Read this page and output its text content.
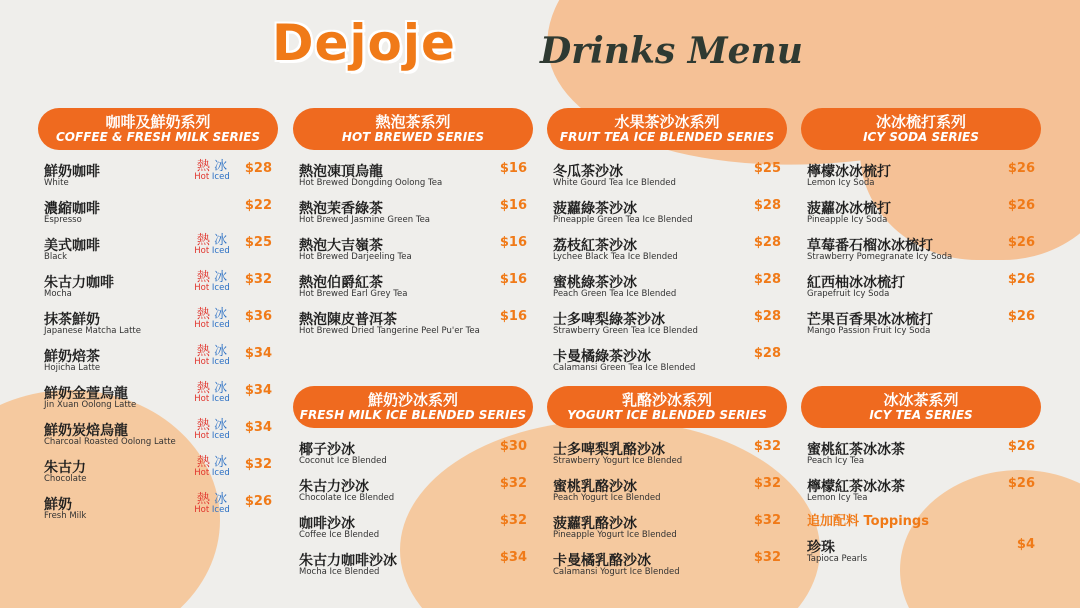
Dejoje Drinks Menu
咖啡及鮮奶系列
COFFEE & FRESH MILK SERIES
鮮奶咖啡
White
熱 冰
Hot Iced
$28
濃縮咖啡
Espresso
$22
美式咖啡
Black
熱 冰
Hot Iced
$25
朱古力咖啡
Mocha
熱 冰
Hot Iced
$32
抹茶鮮奶
Japanese Matcha Latte
熱 冰
Hot Iced
$36
鮮奶焙茶
Hojicha Latte
熱 冰
Hot Iced
$34
鮮奶金萱烏龍
Jin Xuan Oolong Latte
熱 冰
Hot Iced
$34
鮮奶炭焙烏龍
Charcoal Roasted Oolong Latte
熱 冰
Hot Iced
$34
朱古力
Chocolate
熱 冰
Hot Iced
$32
鮮奶
Fresh Milk
熱 冰
Hot Iced
$26
熱泡茶系列
HOT BREWED SERIES
熱泡凍頂烏龍
Hot Brewed Dongding Oolong Tea
$16
熱泡茉香綠茶
Hot Brewed Jasmine Green Tea
$16
熱泡大吉嶺茶
Hot Brewed Darjeeling Tea
$16
熱泡伯爵紅茶
Hot Brewed Earl Grey Tea
$16
熱泡陳皮普洱茶
Hot Brewed Dried Tangerine Peel Pu'er Tea
$16
鮮奶沙冰系列
FRESH MILK ICE BLENDED SERIES
椰子沙冰
Coconut Ice Blended
$30
朱古力沙冰
Chocolate Ice Blended
$32
咖啡沙冰
Coffee Ice Blended
$32
朱古力咖啡沙冰
Mocha Ice Blended
$34
水果茶沙冰系列
FRUIT TEA ICE BLENDED SERIES
冬瓜茶沙冰
White Gourd Tea Ice Blended
$25
菠蘿綠茶沙冰
Pineapple Green Tea Ice Blended
$28
荔枝紅茶沙冰
Lychee Black Tea Ice Blended
$28
蜜桃綠茶沙冰
Peach Green Tea Ice Blended
$28
士多啤梨綠茶沙冰
Strawberry Green Tea Ice Blended
$28
卡曼橘綠茶沙冰
Calamansi Green Tea Ice Blended
$28
乳酪沙冰系列
YOGURT ICE BLENDED SERIES
士多啤梨乳酪沙冰
Strawberry Yogurt Ice Blended
$32
蜜桃乳酪沙冰
Peach Yogurt Ice Blended
$32
菠蘿乳酪沙冰
Pineapple Yogurt Ice Blended
$32
卡曼橘乳酪沙冰
Calamansi Yogurt Ice Blended
$32
冰冰梳打系列
ICY SODA SERIES
檸檬冰冰梳打
Lemon Icy Soda
$26
菠蘿冰冰梳打
Pineapple Icy Soda
$26
草莓番石榴冰冰梳打
Strawberry Pomegranate Icy Soda
$26
紅西柚冰冰梳打
Grapefruit Icy Soda
$26
芒果百香果冰冰梳打
Mango Passion Fruit Icy Soda
$26
冰冰茶系列
ICY TEA SERIES
蜜桃紅茶冰冰茶
Peach Icy Tea
$26
檸檬紅茶冰冰茶
Lemon Icy Tea
$26
追加配料 Toppings
珍珠
Tapioca Pearls
$4
